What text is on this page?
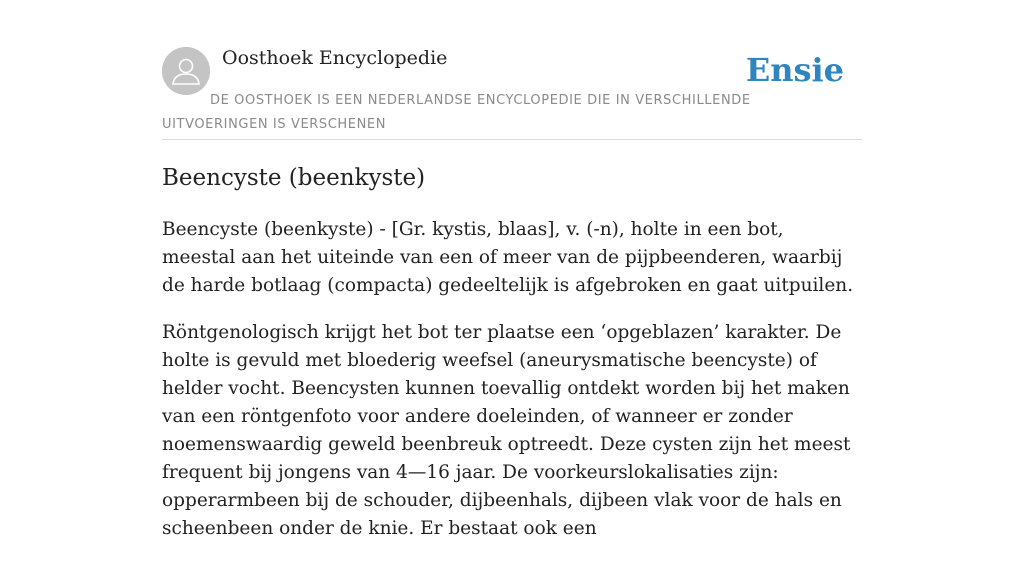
Oosthoek Encyclopedie	Ensie
DE OOSTHOEK IS EEN NEDERLANDSE ENCYCLOPEDIE DIE IN VERSCHILLENDE UITVOERINGEN IS VERSCHENEN
Beencyste (beenkyste)

Beencyste (beenkyste) - [Gr. kystis, blaas], v. (-n), holte in een bot, meestal aan het uiteinde van een of meer van de pijpbeenderen, waarbij de harde botlaag (compacta) gedeeltelijk is afgebroken en gaat uitpuilen.

Röntgenologisch krijgt het bot ter plaatse een ‘opgeblazen’ karakter. De holte is gevuld met bloederig weefsel (aneurysmatische beencyste) of helder vocht. Beencysten kunnen toevallig ontdekt worden bij het maken van een röntgenfoto voor andere doeleinden, of wanneer er zonder noemenswaardig geweld beenbreuk optreedt. Deze cysten zijn het meest frequent bij jongens van 4—16 jaar. De voorkeurslokalisaties zijn: opperarmbeen bij de schouder, dijbeenhals, dijbeen vlak voor de hals en scheenbeen onder de knie. Er bestaat ook een
